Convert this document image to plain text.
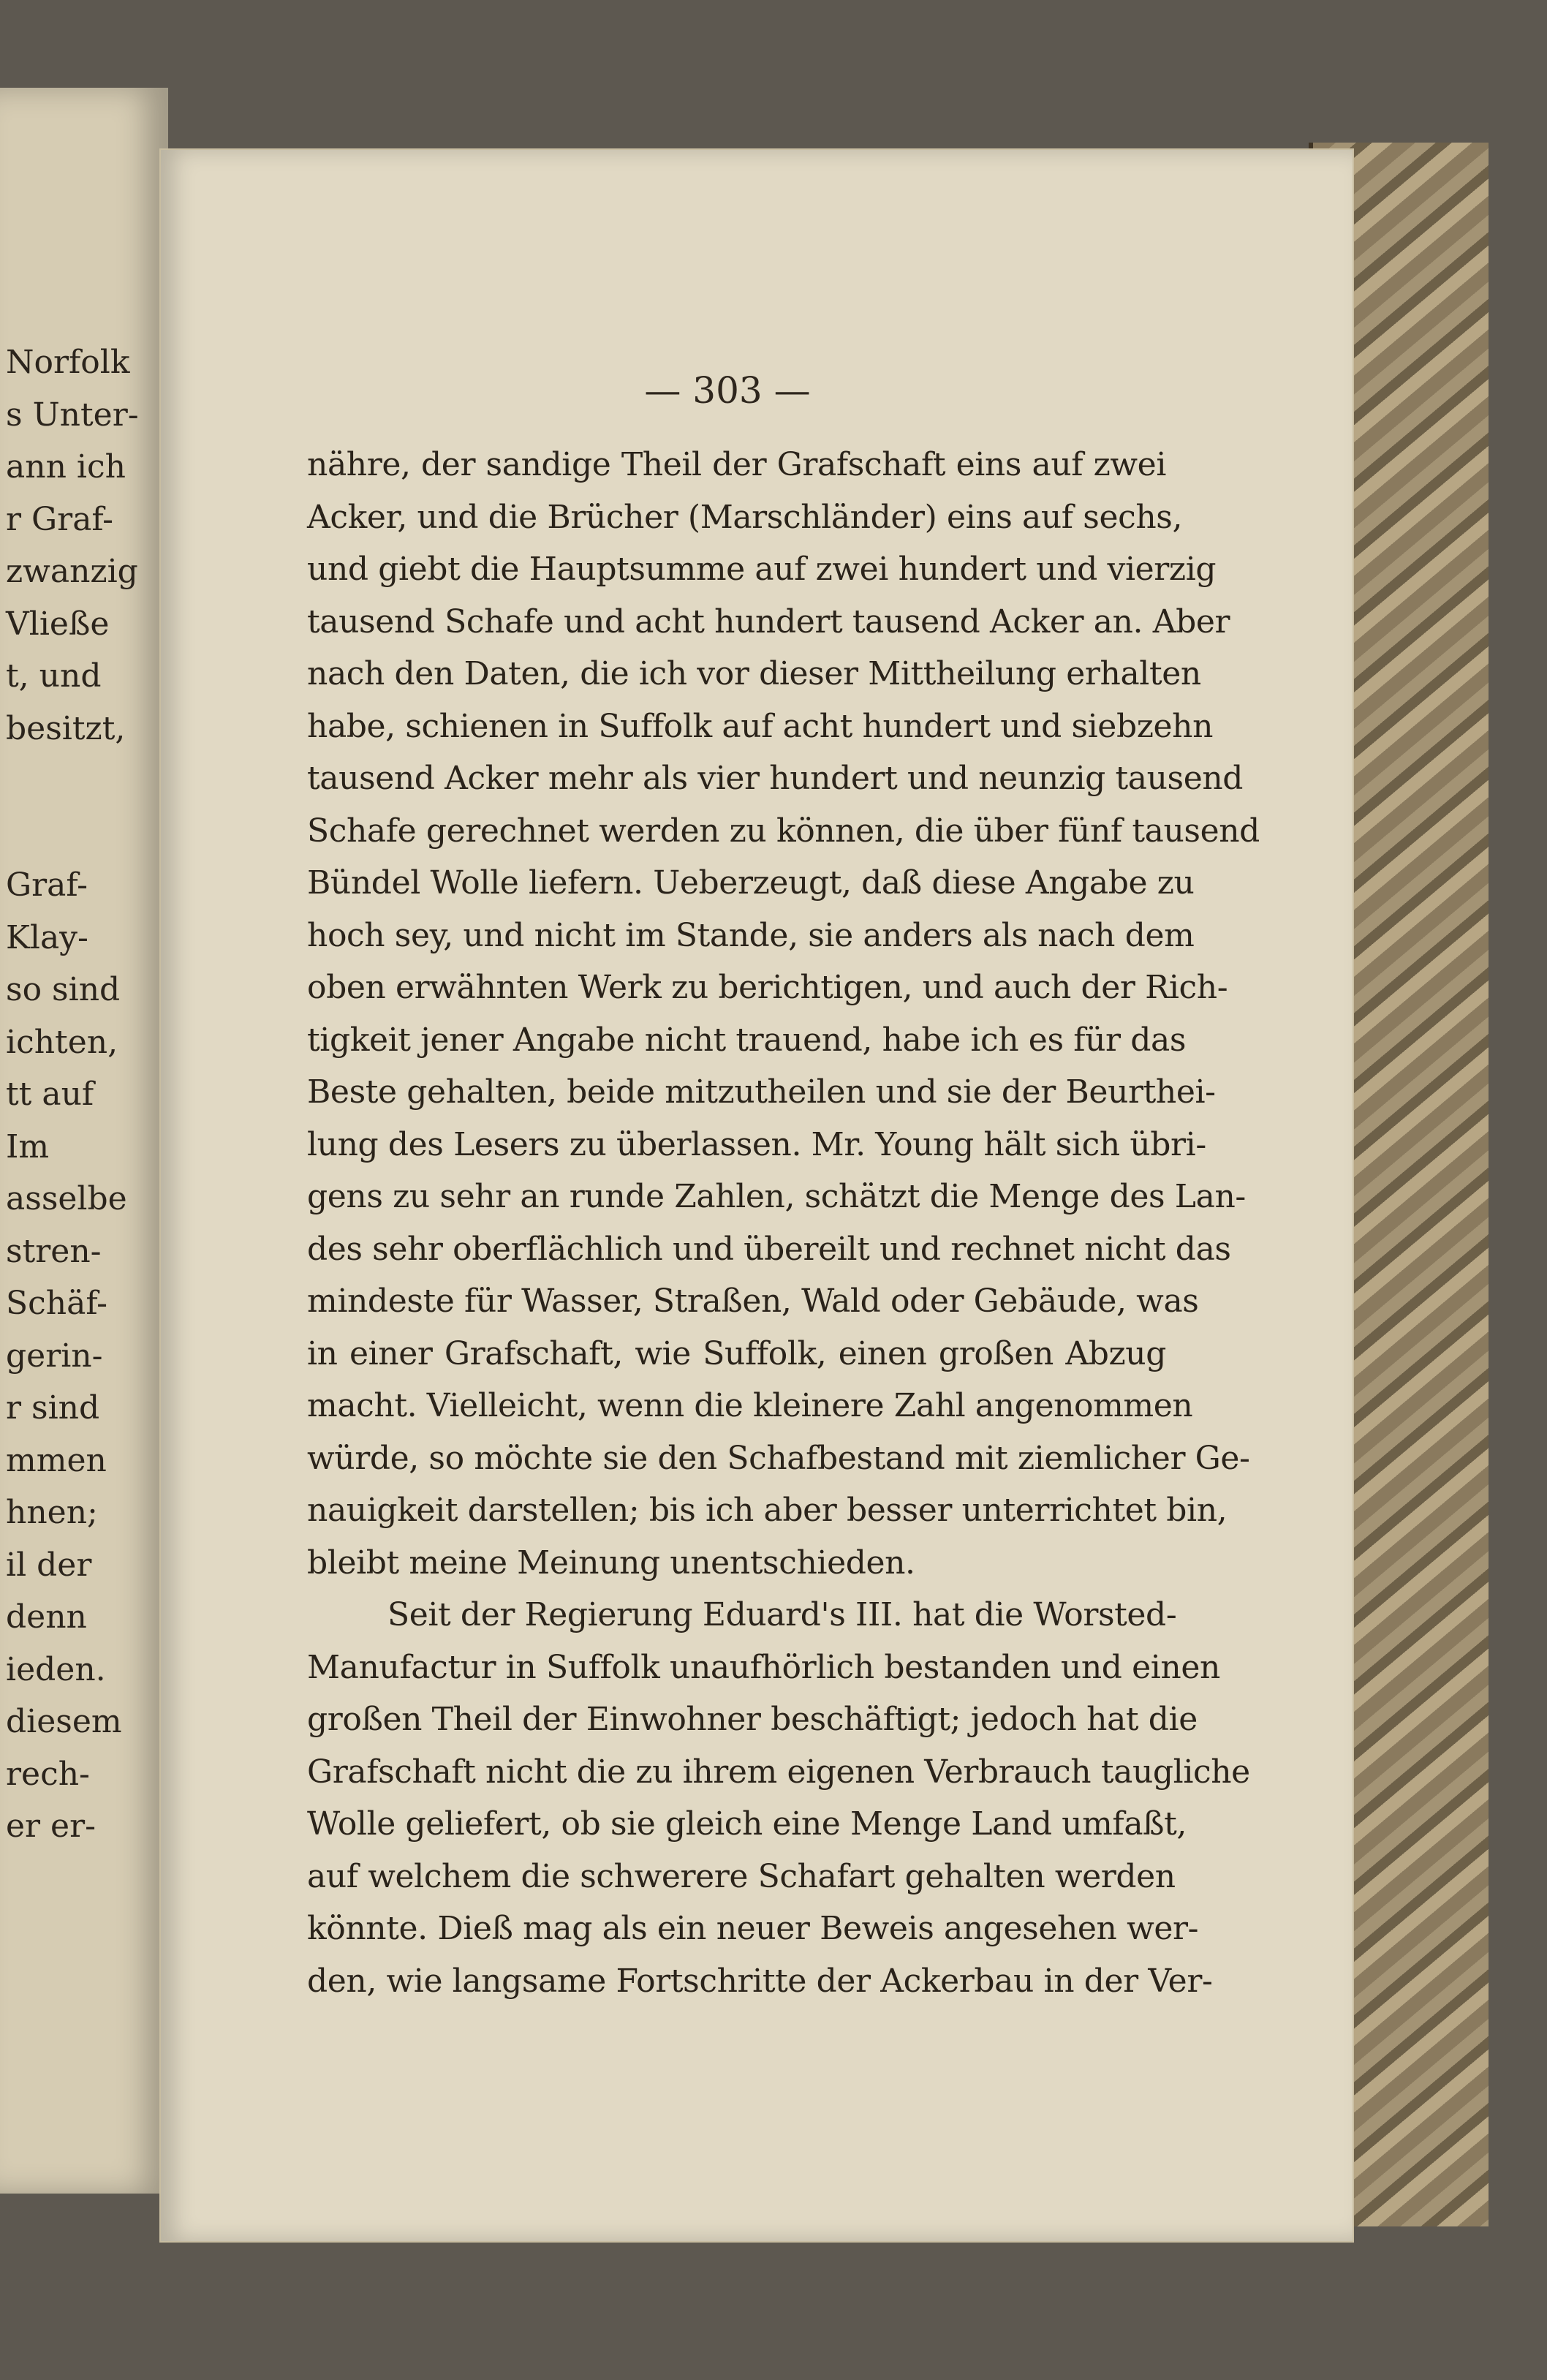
Norfolk
s Unter-
ann ich
r Graf-
zwanzig
Vließe
t, und
besitzt,
Graf-
Klay-
so sind
ichten,
tt auf
Im
asselbe
stren-
Schäf-
gerin-
r sind
mmen
hnen;
il der
denn
ieden.
diesem
rech-
er er-
— 303 —
nähre, der sandige Theil der Grafschaft eins auf zwei
Acker, und die Brücher (Marschländer) eins auf sechs,
und giebt die Hauptsumme auf zwei hundert und vierzig
tausend Schafe und acht hundert tausend Acker an. Aber
nach den Daten, die ich vor dieser Mittheilung erhalten
habe, schienen in Suffolk auf acht hundert und siebzehn
tausend Acker mehr als vier hundert und neunzig tausend
Schafe gerechnet werden zu können, die über fünf tausend
Bündel Wolle liefern. Ueberzeugt, daß diese Angabe zu
hoch sey, und nicht im Stande, sie anders als nach dem
oben erwähnten Werk zu berichtigen, und auch der Rich-
tigkeit jener Angabe nicht trauend, habe ich es für das
Beste gehalten, beide mitzutheilen und sie der Beurthei-
lung des Lesers zu überlassen. Mr. Young hält sich übri-
gens zu sehr an runde Zahlen, schätzt die Menge des Lan-
des sehr oberflächlich und übereilt und rechnet nicht das
mindeste für Wasser, Straßen, Wald oder Gebäude, was
in einer Grafschaft, wie Suffolk, einen großen Abzug
macht. Vielleicht, wenn die kleinere Zahl angenommen
würde, so möchte sie den Schafbestand mit ziemlicher Ge-
nauigkeit darstellen; bis ich aber besser unterrichtet bin,
bleibt meine Meinung unentschieden.
Seit der Regierung Eduard's III. hat die Worsted-
Manufactur in Suffolk unaufhörlich bestanden und einen
großen Theil der Einwohner beschäftigt; jedoch hat die
Grafschaft nicht die zu ihrem eigenen Verbrauch taugliche
Wolle geliefert, ob sie gleich eine Menge Land umfaßt,
auf welchem die schwerere Schafart gehalten werden
könnte. Dieß mag als ein neuer Beweis angesehen wer-
den, wie langsame Fortschritte der Ackerbau in der Ver-
